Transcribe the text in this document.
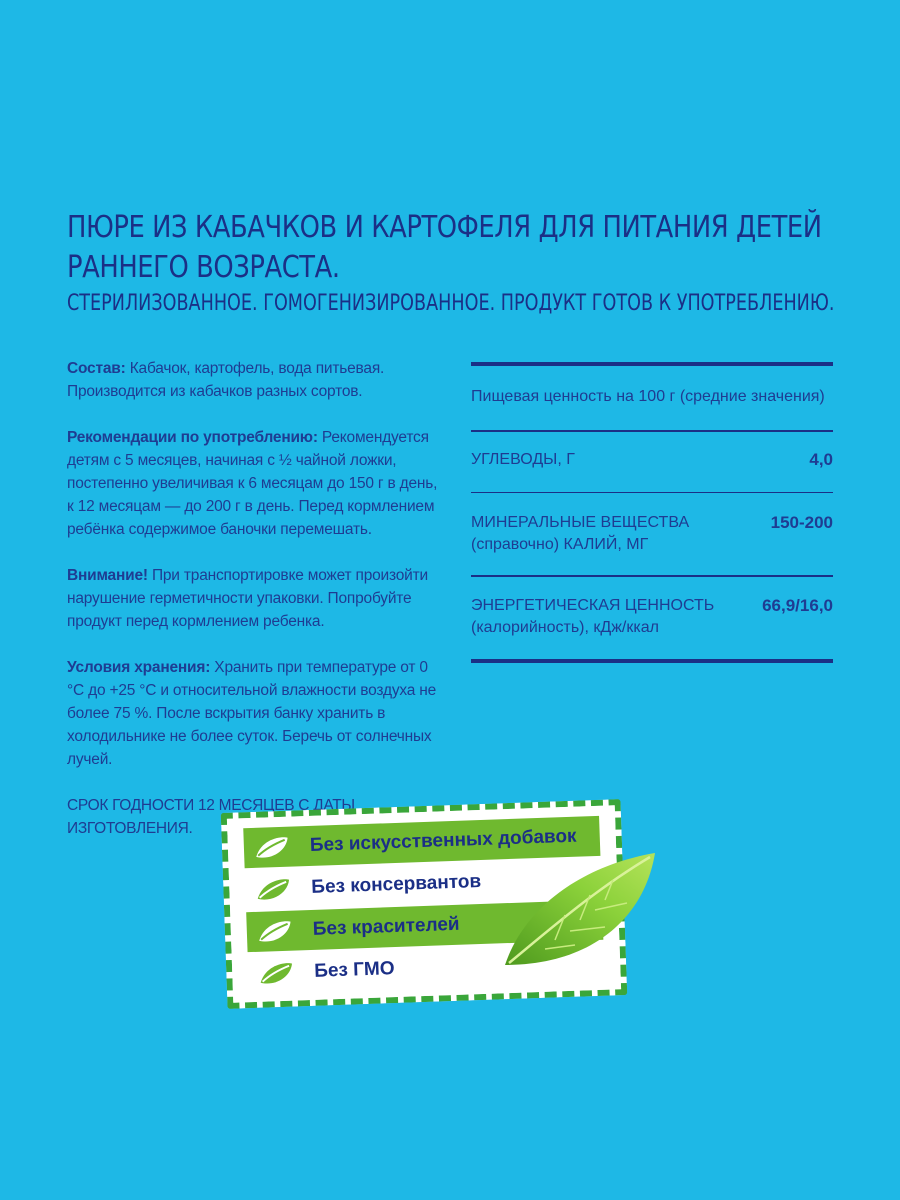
ПЮРЕ ИЗ КАБАЧКОВ И КАРТОФЕЛЯ ДЛЯ ПИТАНИЯ ДЕТЕЙ
РАННЕГО ВОЗРАСТА.
СТЕРИЛИЗОВАННОЕ. ГОМОГЕНИЗИРОВАННОЕ. ПРОДУКТ ГОТОВ К УПОТРЕБЛЕНИЮ.

Состав: Кабачок, картофель, вода питьевая. Производится из кабачков разных сортов.

Рекомендации по употреблению: Рекомендуется детям с 5 месяцев, начиная с ½ чайной ложки, постепенно увеличивая к 6 месяцам до 150 г в день, к 12 месяцам — до 200 г в день. Перед кормлением ребёнка содержимое баночки перемешать.

Внимание! При транспортировке может произойти нарушение герметичности упаковки. Попробуйте продукт перед кормлением ребенка.

Условия хранения: Хранить при температуре от 0 °C до +25 °C и относительной влажности воздуха не более 75 %. После вскрытия банку хранить в холодильнике не более суток. Беречь от солнечных лучей.

СРОК ГОДНОСТИ 12 МЕСЯЦЕВ С ДАТЫ ИЗГОТОВЛЕНИЯ.
Пищевая ценность на 100 г (средние значения)
УГЛЕВОДЫ, Г	4,0
МИНЕРАЛЬНЫЕ ВЕЩЕСТВА
(справочно) КАЛИЙ, МГ
150-200
ЭНЕРГЕТИЧЕСКАЯ ЦЕННОСТЬ
(калорийность), кДж/ккал
66,9/16,0
Без искусственных добавок
Без консервантов
Без красителей
Без ГМО
